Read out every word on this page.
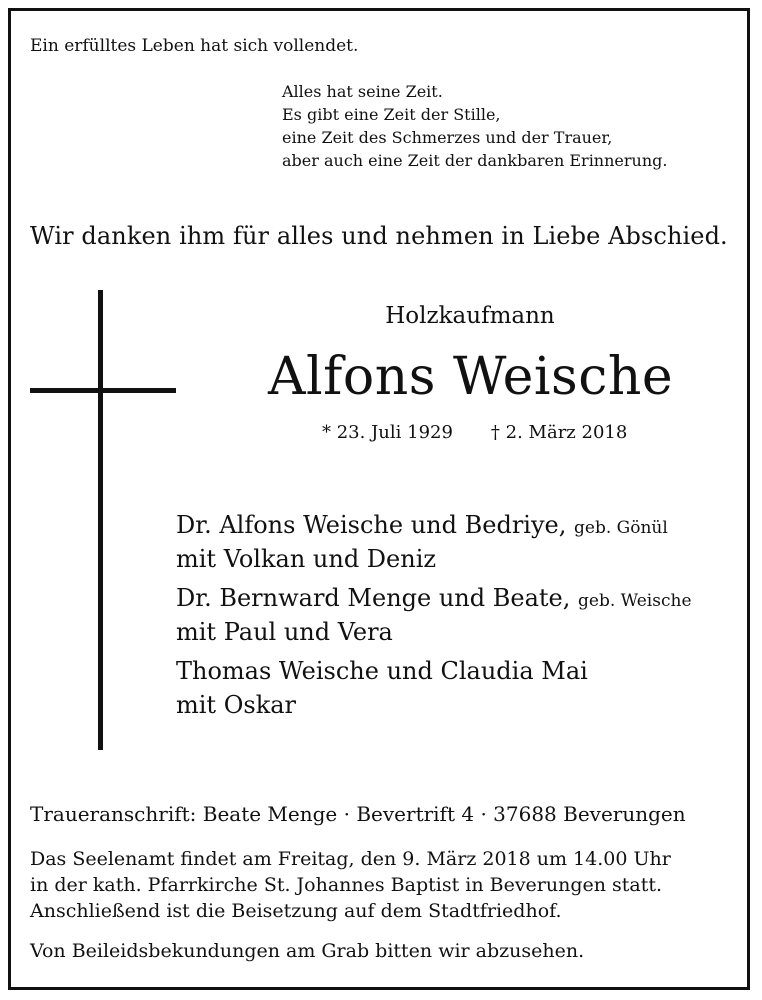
Ein erfülltes Leben hat sich vollendet.
Alles hat seine Zeit.
Es gibt eine Zeit der Stille,
eine Zeit des Schmerzes und der Trauer,
aber auch eine Zeit der dankbaren Erinnerung.
Wir danken ihm für alles und nehmen in Liebe Abschied.
Holzkaufmann
Alfons Weische
* 23. Juli 1929 † 2. März 2018
Dr. Alfons Weische und Bedriye, geb. Gönül
mit Volkan und Deniz
Dr. Bernward Menge und Beate, geb. Weische
mit Paul und Vera
Thomas Weische und Claudia Mai
mit Oskar
Traueranschrift: Beate Menge · Bevertrift 4 · 37688 Beverungen
Das Seelenamt findet am Freitag, den 9. März 2018 um 14.00 Uhr
in der kath. Pfarrkirche St. Johannes Baptist in Beverungen statt.
Anschließend ist die Beisetzung auf dem Stadtfriedhof.
Von Beileidsbekundungen am Grab bitten wir abzusehen.
